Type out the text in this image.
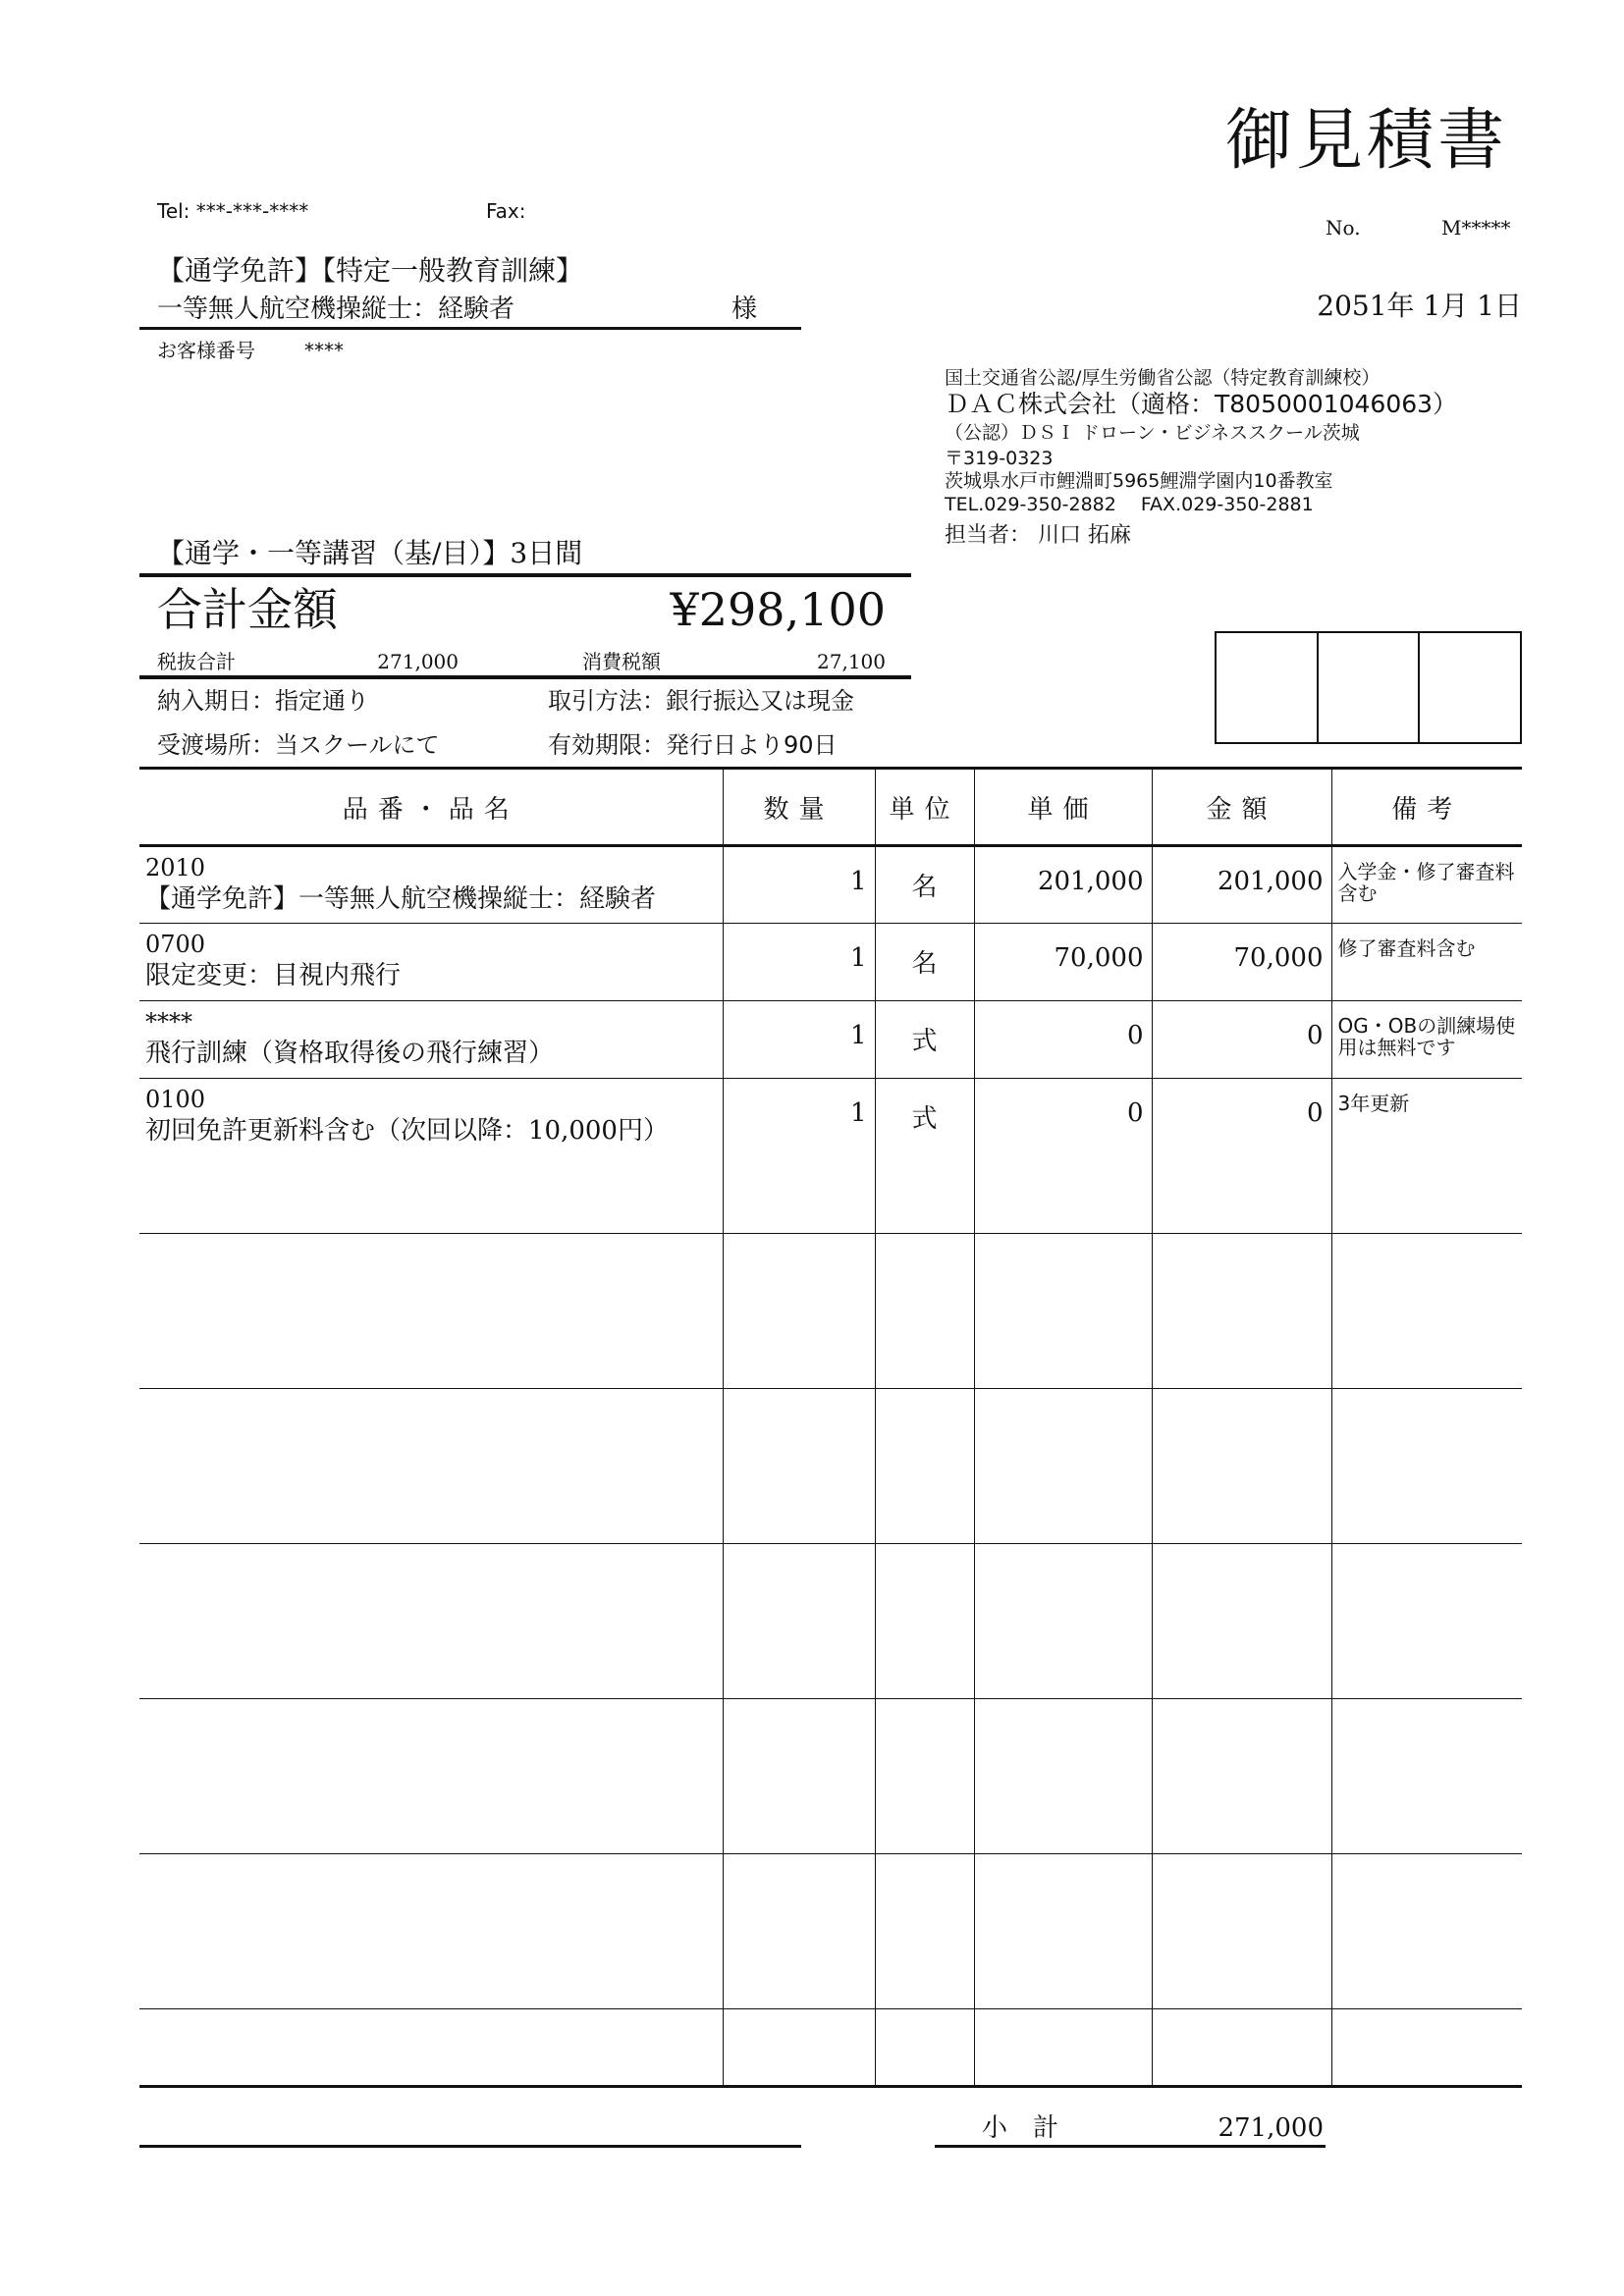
御見積書
Tel: ***-***-****	Fax:
No.	M*****
【通学免許】【特定一般教育訓練】
一等無人航空機操縦士：経験者	様
お客様番号	****
2051年 1月 1日
国土交通省公認/厚生労働省公認（特定教育訓練校）
ＤＡＣ株式会社（適格：T8050001046063）
（公認）ＤＳＩ ドローン・ビジネススクール茨城
〒319-0323
茨城県水戸市鯉淵町5965鯉淵学園内10番教室
TEL.029-350-2882　 FAX.029-350-2881
担当者： 川口 拓麻
【通学・一等講習（基/目）】3日間
合計金額	¥298,100
税抜合計	271,000	消費税額	27,100
納入期日：指定通り	取引方法：銀行振込又は現金
受渡場所：当スクールにて	有効期限：発行日より90日
品番・品名	数量	単位	単価	金額	備考

2010
【通学免許】一等無人航空機操縦士：経験者	1	名	201,000	201,000	入学金・修了審査料含む

0700
限定変更：目視内飛行	1	名	70,000	70,000	修了審査料含む

****
飛行訓練（資格取得後の飛行練習）	1	式	0	0	OG・OBの訓練場使用は無料です

0100
初回免許更新料含む（次回以降：10,000円）	1	式	0	0	3年更新

小　計	271,000
